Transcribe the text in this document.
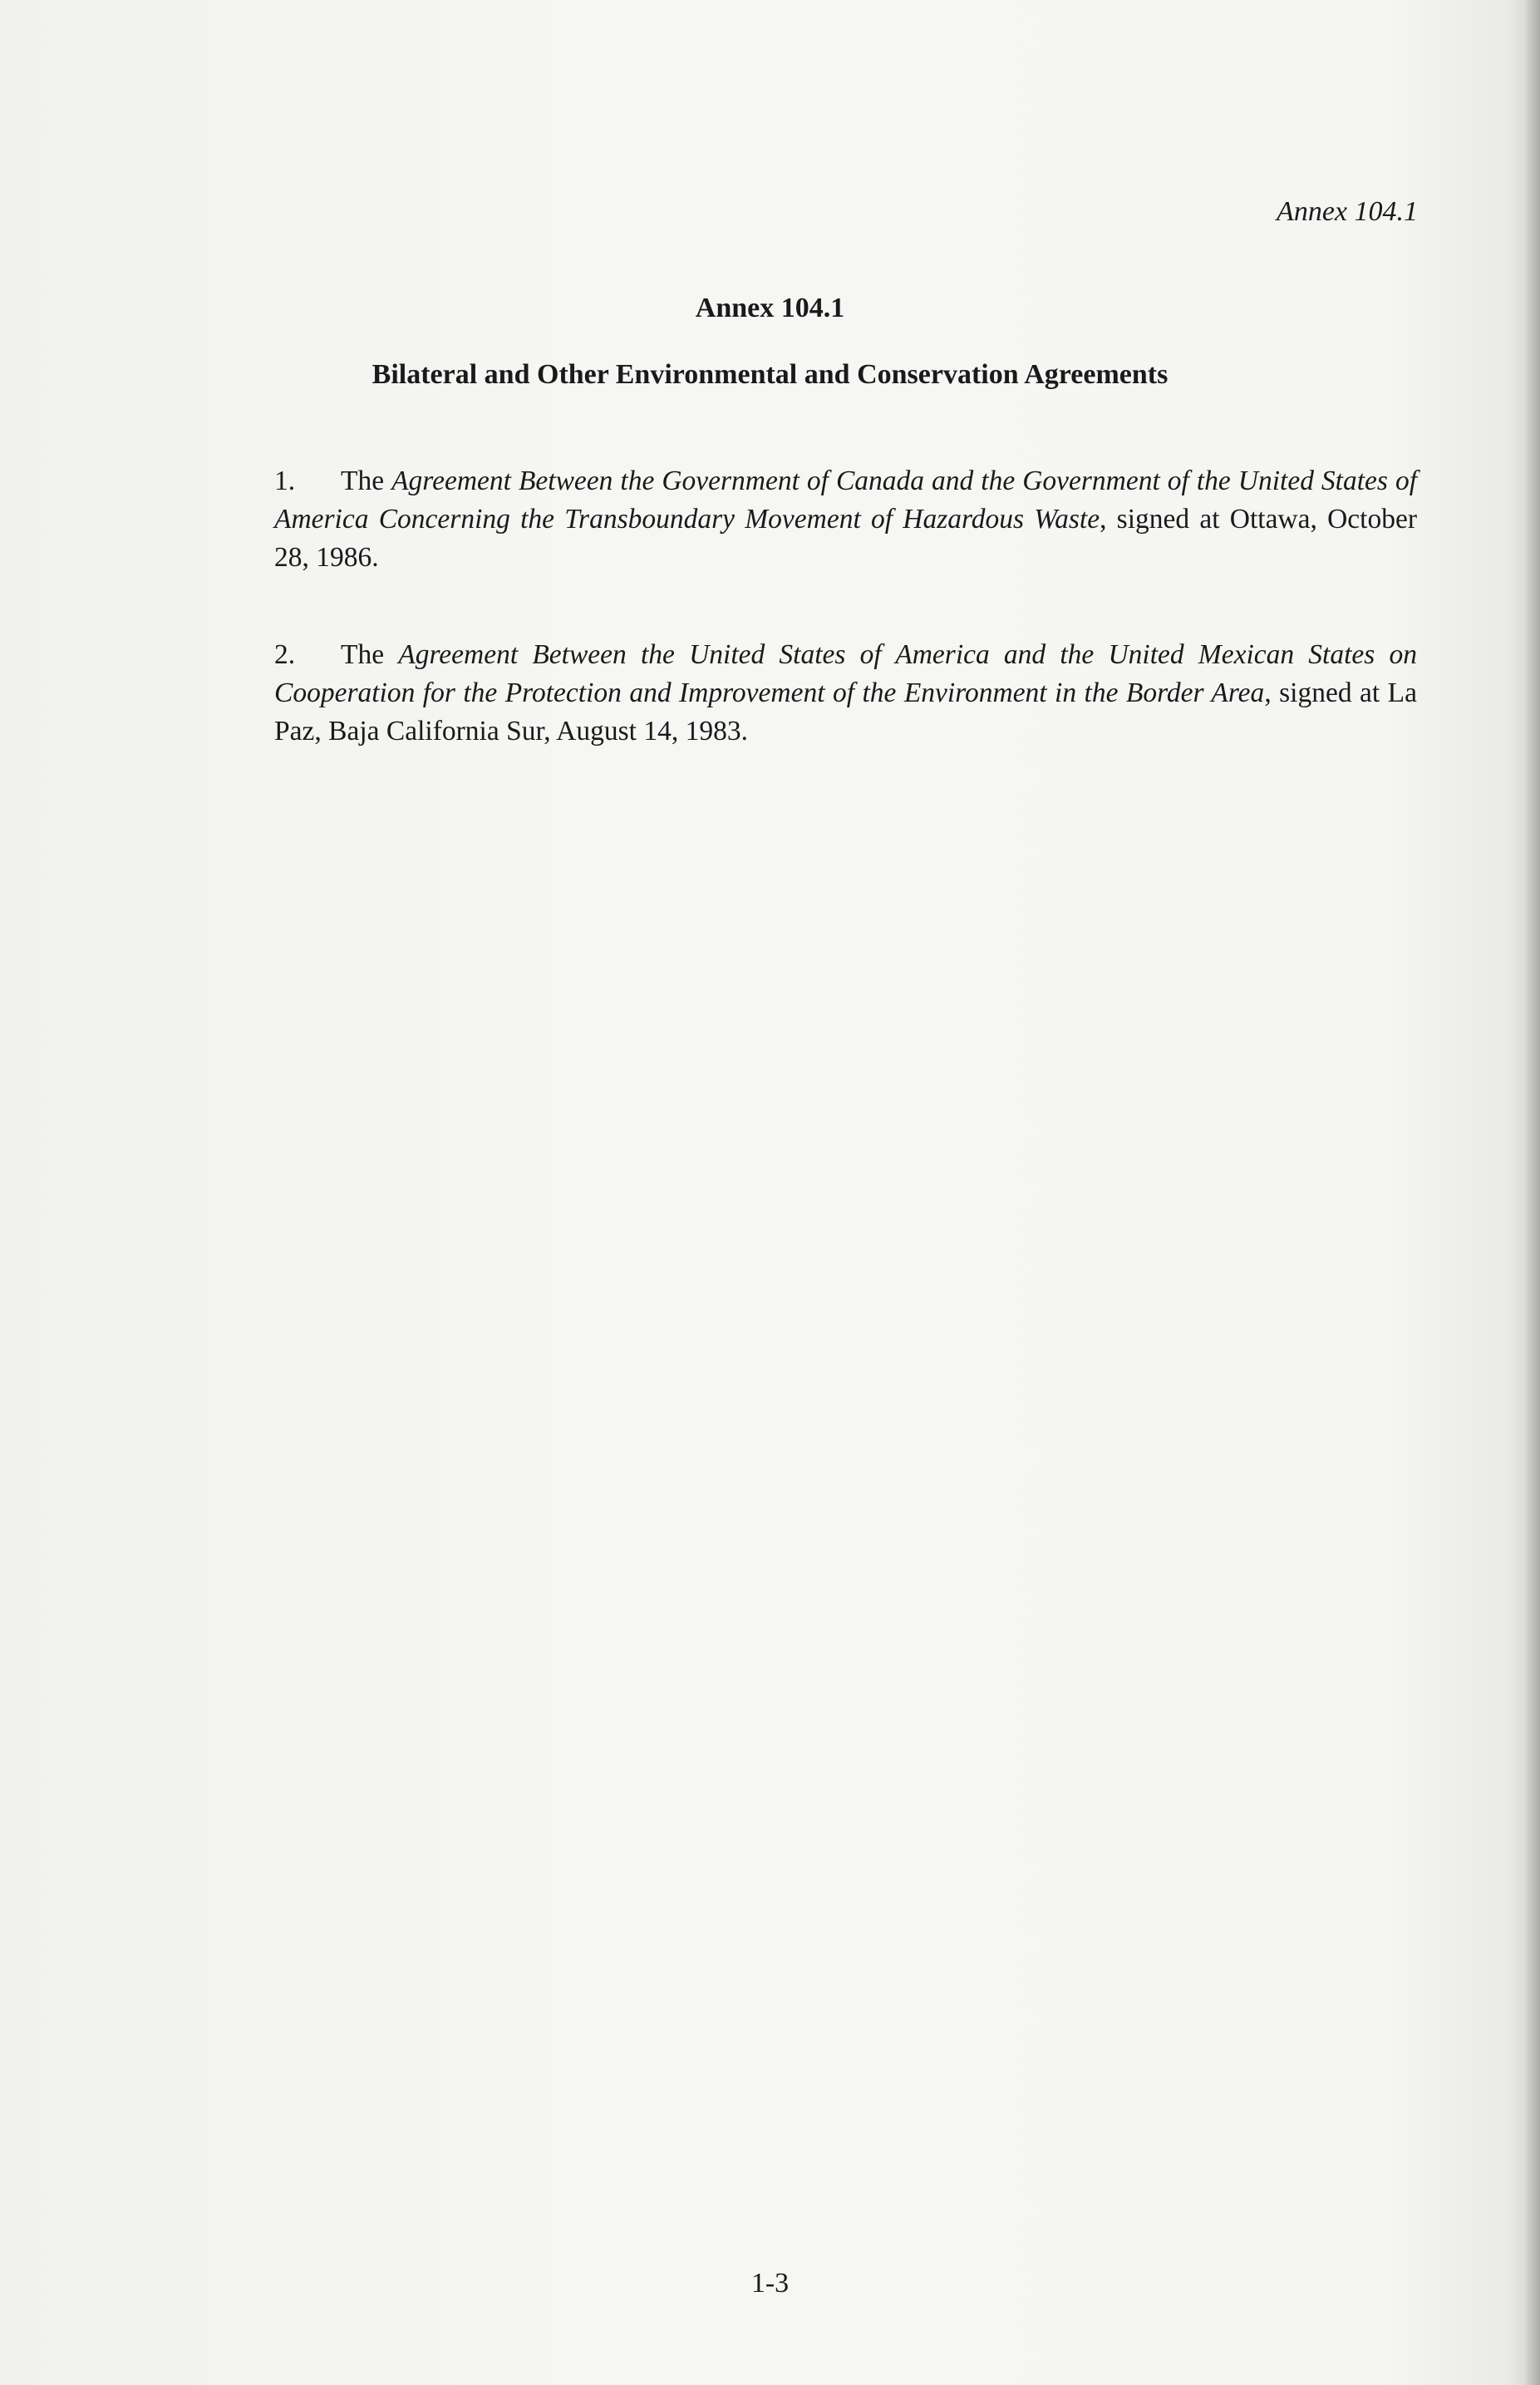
Annex 104.1
Annex 104.1
Bilateral and Other Environmental and Conservation Agreements
1. The Agreement Between the Government of Canada and the Government of the United States of America Concerning the Transboundary Movement of Hazardous Waste, signed at Ottawa, October 28, 1986.
2. The Agreement Between the United States of America and the United Mexican States on Cooperation for the Protection and Improvement of the Environment in the Border Area, signed at La Paz, Baja California Sur, August 14, 1983.
1-3
